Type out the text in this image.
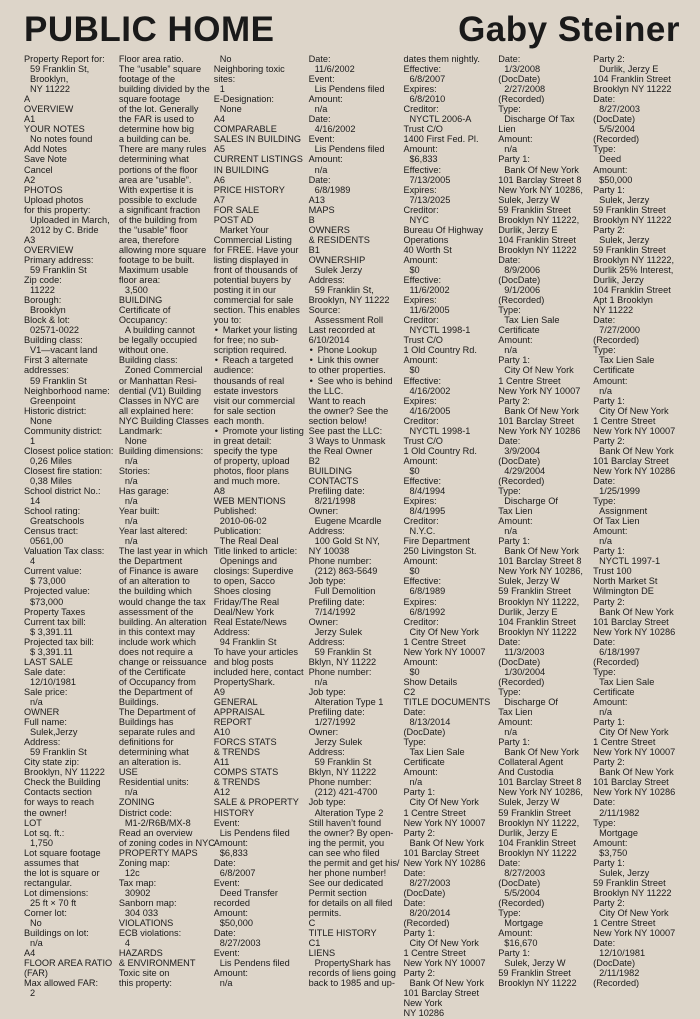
PUBLIC HOME	Gaby Steiner
Property Report for:
59 Franklin St,
Brooklyn,
NY 11222
A
OVERVIEW
A1
YOUR NOTES
No notes found
Add Notes
Save Note
Cancel
A2
PHOTOS
Upload photos
for this property:
Uploaded in March,
2012 by C. Bride
A3
OVERVIEW
Primary address:
59 Franklin St
Zip code:
11222
Borough:
Brooklyn
Block & lot:
02571-0022
Building class:
V1—vacant land
First 3 alternate
addresses:
59 Franklin St
Neighborhood name:
Greenpoint
Historic district:
None
Community district:
1
Closest police station:
0,26 Miles
Closest fire station:
0,38 Miles
School district No.:
14
School rating:
Greatschools
Census tract:
0561,00
Valuation Tax class:
4
Current value:
$ 73,000
Projected value:
$73,000
Property Taxes
Current tax bill:
$ 3,391.11
Projected tax bill:
$ 3,391.11
LAST SALE
Sale date:
12/10/1981
Sale price:
n/a
OWNER
Full name:
Sulek,Jerzy
Address:
59 Franklin St
City state zip:
Brooklyn, NY 11222
Check the Building
Contacts section
for ways to reach
the owner!
LOT
Lot sq. ft.:
1,750
Lot square footage
assumes that
the lot is square or
rectangular.
Lot dimensions:
25 ft × 70 ft
Corner lot:
No
Buildings on lot:
n/a
A4
FLOOR AREA RATIO
(FAR)
Max allowed FAR:
2
Floor area ratio.
The “usable” square
footage of the
building divided by the
square footage
of the lot. Generally
the FAR is used to
determine how big
a building can be.
There are many rules
determining what
portions of the floor
area are “usable”.
With expertise it is
possible to exclude
a significant fraction
of the building from
the “usable” floor
area, therefore
allowing more square
footage to be built.
Maximum usable
floor area:
3,500
BUILDING
Certificate of
Occupancy:
A building cannot
be legally occupied
without one.
Building class:
Zoned Commercial
or Manhattan Resi-
dential (V1) Building
Classes in NYC are
all explained here:
NYC Building Classes
Landmark:
None
Building dimensions:
n/a
Stories:
n/a
Has garage:
n/a
Year built:
n/a
Year last altered:
n/a
The last year in which
the Department
of Finance is aware
of an alteration to
the building which
would change the tax
assessment of the
building. An alteration
in this context may
include work which
does not require a
change or reissuance
of the Certificate
of Occupancy from
the Department of
Buildings.
The Department of
Buildings has
separate rules and
definitions for
determining what
an alteration is.
USE
Residential units:
n/a
ZONING
District code:
M1-2/R6B/MX-8
Read an overview
of zoning codes in NYC
PROPERTY MAPS
Zoning map:
12c
Tax map:
30902
Sanborn map:
304 033
VIOLATIONS
ECB violations:
4
HAZARDS
& ENVIRONMENT
Toxic site on
this property:
No
Neighboring toxic
sites:
1
E-Designation:
None
A4
COMPARABLE
SALES IN BUILDING
A5
CURRENT LISTINGS
IN BUILDING
A6
PRICE HISTORY
A7
FOR SALE
POST AD
Market Your
Commercial Listing
for FREE. Have your
listing displayed in
front of thousands of
potential buyers by
posting it in our
commercial for sale
section. This enables
you to:
• Market your listing
for free; no sub-
scription required.
• Reach a targeted
audience:
thousands of real
estate investors
visit our commercial
for sale section
each month.
• Promote your listing
in great detail:
specify the type
of property, upload
photos, floor plans
and much more.
A8
WEB MENTIONS
Published:
2010-06-02
Publication:
The Real Deal
Title linked to article:
Openings and
closings: Superdive
to open, Sacco
Shoes closing
Friday/The Real
Deal/New York
Real Estate/News
Address:
94 Franklin St
To have your articles
and blog posts
included here, contact
PropertyShark.
A9
GENERAL
APPRAISAL
REPORT
A10
FORCS STATS
& TRENDS
A11
COMPS STATS
& TRENDS
A12
SALE & PROPERTY
HISTORY
Event:
Lis Pendens filed
Amount:
$6,833
Date:
6/8/2007
Event:
Deed Transfer
recorded
Amount:
$50,000
Date:
8/27/2003
Event:
Lis Pendens filed
Amount:
n/a
Date:
11/6/2002
Event:
Lis Pendens filed
Amount:
n/a
Date:
4/16/2002
Event:
Lis Pendens filed
Amount:
n/a
Date:
6/8/1989
A13
MAPS
B
OWNERS
& RESIDENTS
B1
OWNERSHIP
Sulek Jerzy
Address:
59 Franklin St,
Brooklyn, NY 11222
Source:
Assessment Roll
Last recorded at
6/10/2014
• Phone Lookup
• Link this owner
to other properties.
• See who is behind
the LLC.
Want to reach
the owner? See the
section below!
See past the LLC:
3 Ways to Unmask
the Real Owner
B2
BUILDING
CONTACTS
Prefiling date:
8/21/1998
Owner:
Eugene Mcardle
Address:
100 Gold St NY,
NY 10038
Phone number:
(212) 863-5649
Job type:
Full Demolition
Prefiling date:
7/14/1992
Owner:
Jerzy Sulek
Address:
59 Franklin St
Bklyn, NY 11222
Phone number:
n/a
Job type:
Alteration Type 1
Prefiling date:
1/27/1992
Owner:
Jerzy Sulek
Address:
59 Franklin St
Bklyn, NY 11222
Phone number:
(212) 421-4700
Job type:
Alteration Type 2
Still haven’t found
the owner? By open-
ing the permit, you
can see who filed
the permit and get his/
her phone number!
See our dedicated
Permit section
for details on all filed
permits.
C
TITLE HISTORY
C1
LIENS
PropertyShark has
records of liens going
back to 1985 and up-
dates them nightly.
Effective:
6/8/2007
Expires:
6/8/2010
Creditor:
NYCTL 2006-A
Trust C/O
1400 First Fed. Pl.
Amount:
$6,833
Effective:
7/13/2005
Expires:
7/13/2025
Creditor:
NYC
Bureau Of Highway
Operations
40 Worth St
Amount:
$0
Effective:
11/6/2002
Expires:
11/6/2005
Creditor:
NYCTL 1998-1
Trust C/O
1 Old Country Rd.
Amount:
$0
Effective:
4/16/2002
Expires:
4/16/2005
Creditor:
NYCTL 1998-1
Trust C/O
1 Old Country Rd.
Amount:
$0
Effective:
8/4/1994
Expires:
8/4/1995
Creditor:
N.Y.C.
Fire Department
250 Livingston St.
Amount:
$0
Effective:
6/8/1989
Expires:
6/8/1992
Creditor:
City Of New York
1 Centre Street
New York NY 10007
Amount:
$0
Show Details
C2
TITLE DOCUMENTS
Date:
8/13/2014
(DocDate)
Type:
Tax Lien Sale
Certificate
Amount:
n/a
Party 1:
City Of New York
1 Centre Street
New York NY 10007
Party 2:
Bank Of New York
101 Barclay Street
New York NY 10286
Date:
8/27/2003
(DocDate)
Date:
8/20/2014
(Recorded)
Party 1:
City Of New York
1 Centre Street
New York NY 10007
Party 2:
Bank Of New York
101 Barclay Street
New York
NY 10286
Date:
1/3/2008
(DocDate)
2/27/2008
(Recorded)
Type:
Discharge Of Tax
Lien
Amount:
n/a
Party 1:
Bank Of New York
101 Barclay Street 8
New York NY 10286,
Sulek, Jerzy W
59 Franklin Street
Brooklyn NY 11222,
Durlik, Jerzy E
104 Franklin Street
Brooklyn NY 11222
Date:
8/9/2006
(DocDate)
9/1/2006
(Recorded)
Type:
Tax Lien Sale
Certificate
Amount:
n/a
Party 1:
City Of New York
1 Centre Street
New York NY 10007
Party 2:
Bank Of New York
101 Barclay Street
New York NY 10286
Date:
3/9/2004
(DocDate)
4/29/2004
(Recorded)
Type:
Discharge Of
Tax Lien
Amount:
n/a
Party 1:
Bank Of New York
101 Barclay Street 8
New York NY 10286,
Sulek, Jerzy W
59 Franklin Street
Brooklyn NY 11222,
Durlik, Jerzy E
104 Franklin Street
Brooklyn NY 11222
Date:
11/3/2003
(DocDate)
1/30/2004
(Recorded)
Type:
Discharge Of
Tax Lien
Amount:
n/a
Party 1:
Bank Of New York
Collateral Agent
And Custodia
101 Barclay Street 8
New York NY 10286,
Sulek, Jerzy W
59 Franklin Street
Brooklyn NY 11222,
Durlik, Jerzy E
104 Franklin Street
Brooklyn NY 11222
Date:
8/27/2003
(DocDate)
5/5/2004
(Recorded)
Type:
Mortgage
Amount:
$16,670
Party 1:
Sulek, Jerzy W
59 Franklin Street
Brooklyn NY 11222
Party 2:
Durlik, Jerzy E
104 Franklin Street
Brooklyn NY 11222
Date:
8/27/2003
(DocDate)
5/5/2004
(Recorded)
Type:
Deed
Amount:
$50,000
Party 1:
Sulek, Jerzy
59 Franklin Street
Brooklyn NY 11222
Party 2:
Sulek, Jerzy
59 Franklin Street
Brooklyn NY 11222,
Durlik 25% Interest,
Durlik, Jerzy
104 Franklin Street
Apt 1 Brooklyn
NY 11222
Date:
7/27/2000
(Recorded)
Type:
Tax Lien Sale
Certificate
Amount:
n/a
Party 1:
City Of New York
1 Centre Street
New York NY 10007
Party 2:
Bank Of New York
101 Barclay Street
New York NY 10286
Date:
1/25/1999
Type:
Assignment
Of Tax Lien
Amount:
n/a
Party 1:
NYCTL 1997-1
Trust 100
North Market St
Wilmington DE
Party 2:
Bank Of New York
101 Barclay Street
New York NY 10286
Date:
6/18/1997
(Recorded)
Type:
Tax Lien Sale
Certificate
Amount:
n/a
Party 1:
City Of New York
1 Centre Street
New York NY 10007
Party 2:
Bank Of New York
101 Barclay Street
New York NY 10286
Date:
2/11/1982
Type:
Mortgage
Amount:
$3,750
Party 1:
Sulek, Jerzy
59 Franklin Street
Brooklyn NY 11222
Party 2:
City Of New York
1 Centre Street
New York NY 10007
Date:
12/10/1981
(DocDate)
2/11/1982
(Recorded)
